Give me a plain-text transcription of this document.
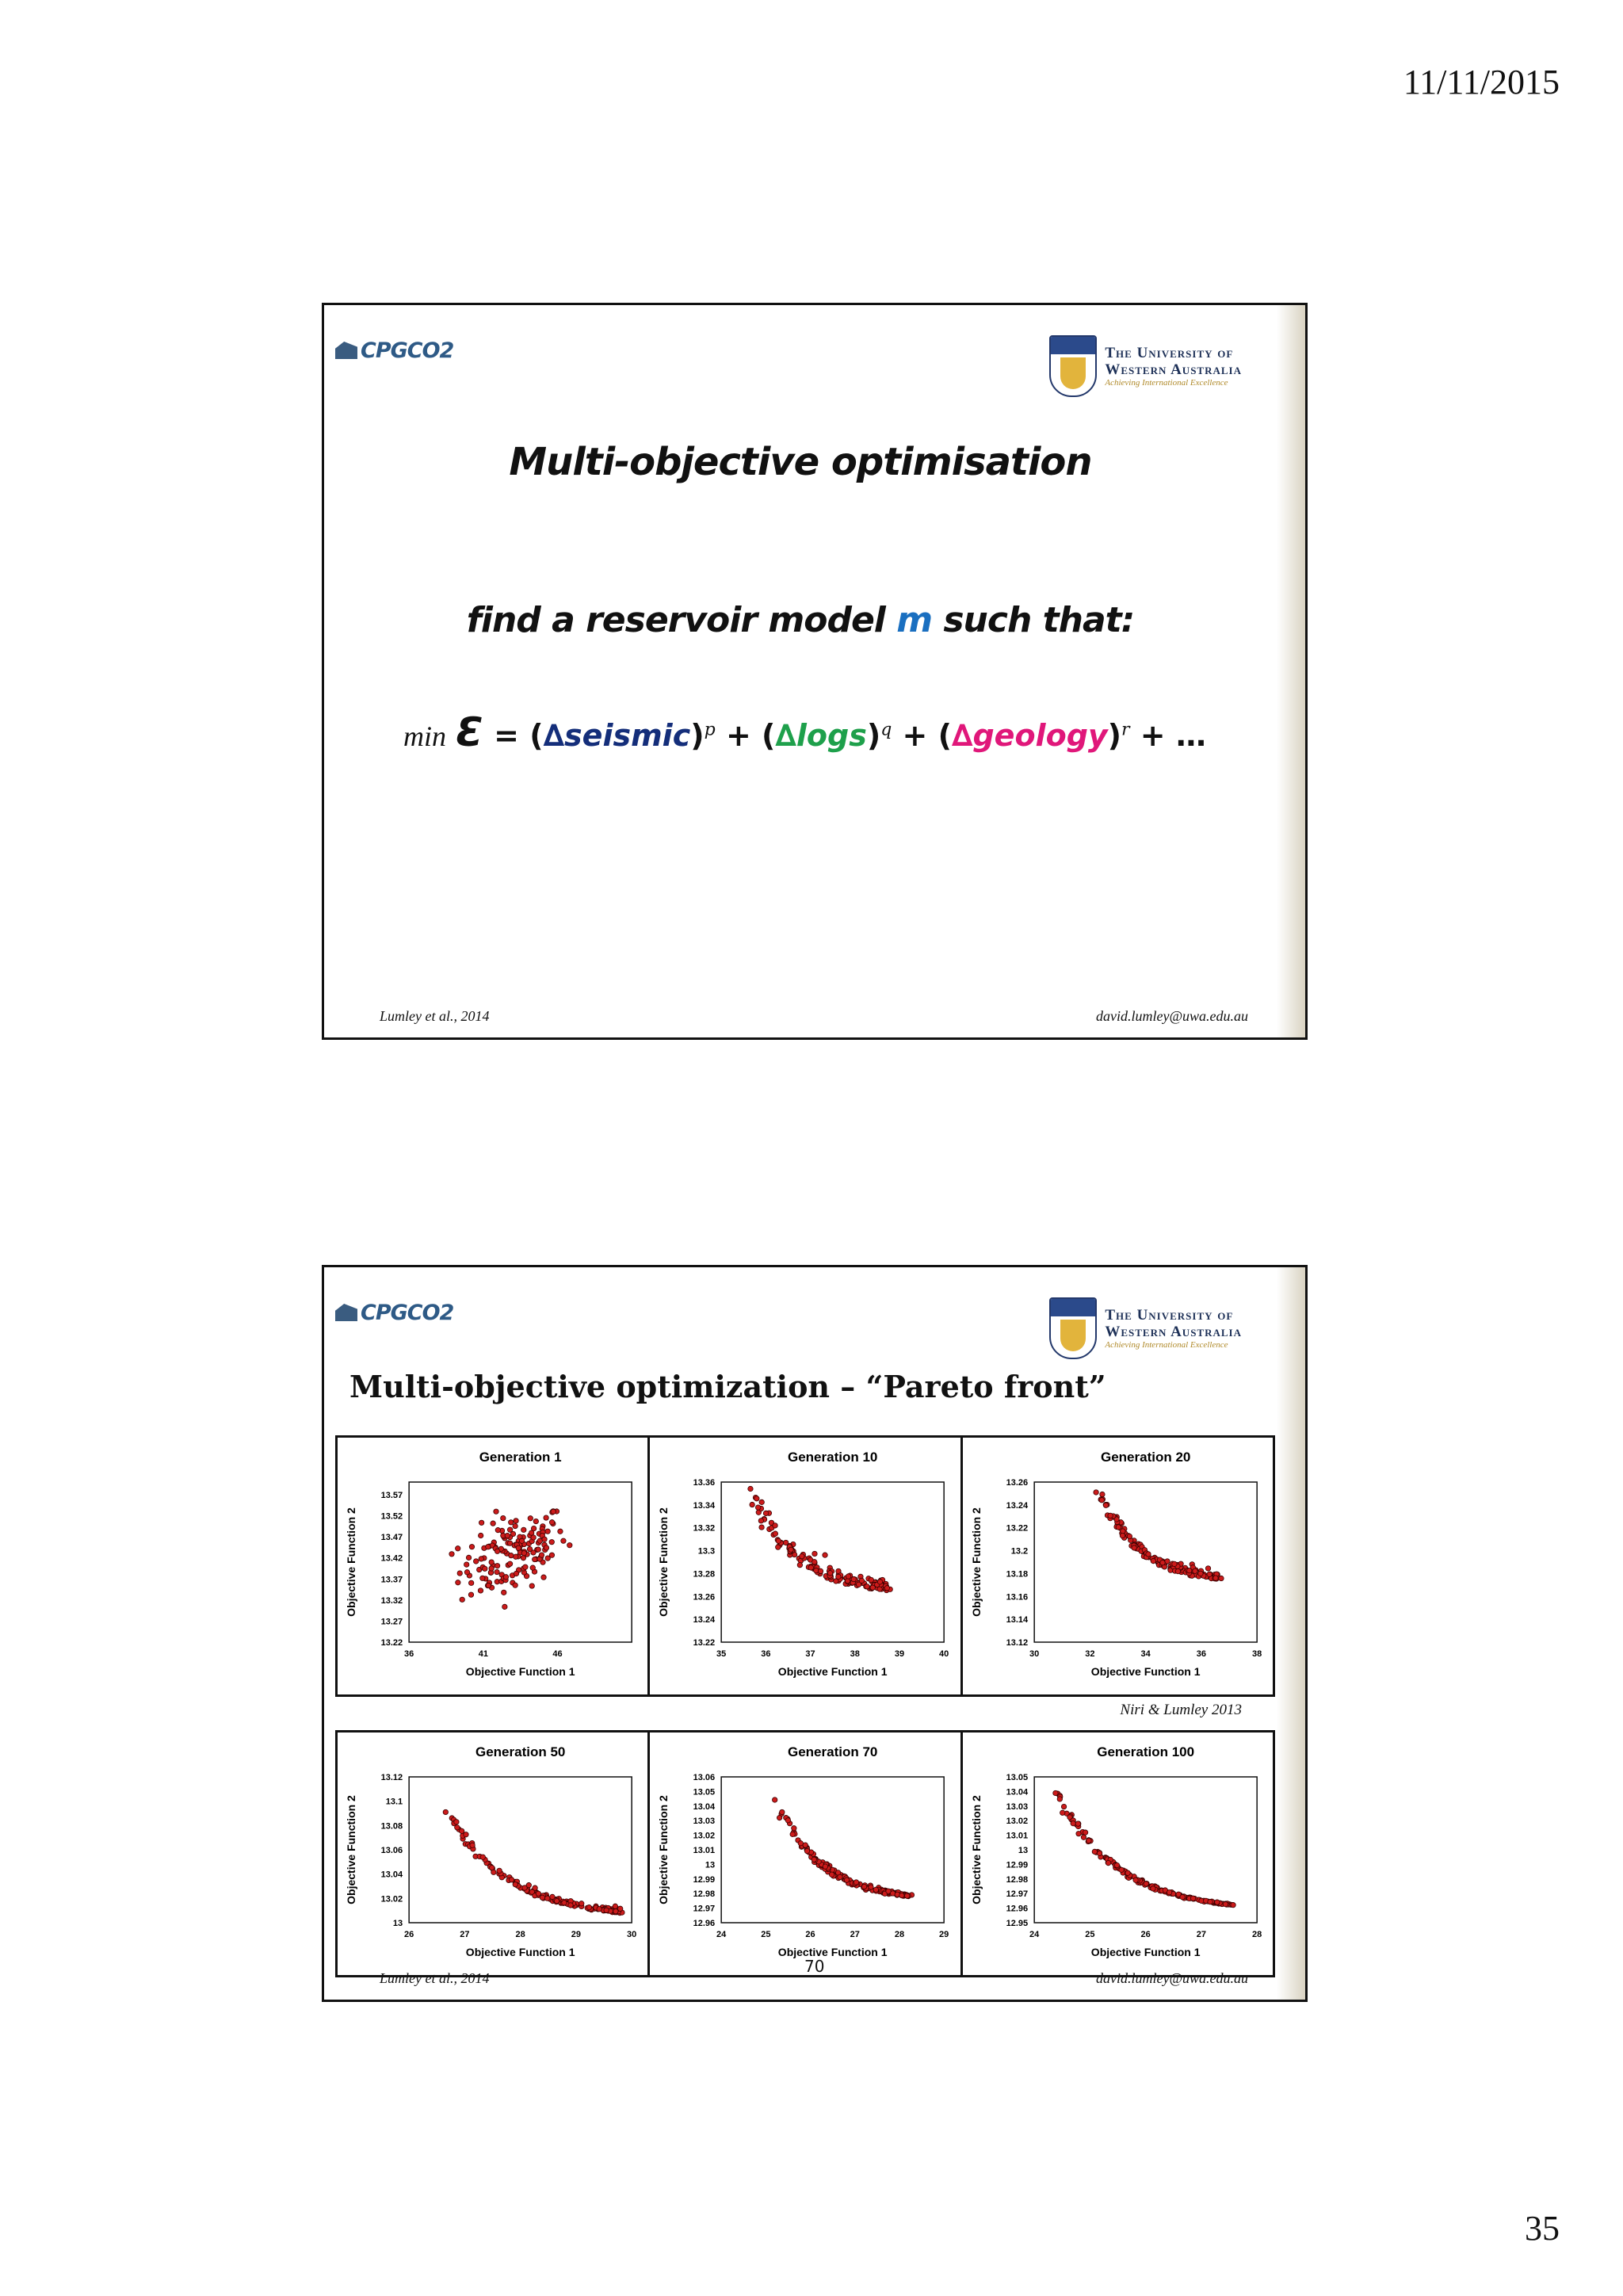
11/11/2015
CPGCO2	The University of
Western Australia
Achieving International Excellence
Multi-objective optimisation
find a reservoir model m such that:
min Ɛ = (∆seismic)$^p$ + $(\Delta\log s)^q + (\Delta geology)^r$ + …
Lumley et al., 2014	david.lumley@uwa.edu.au
CPGCO2	The University of
Western Australia
Achieving International Excellence
Multi-objective optimization – “Pareto front”
Generation 1
36	41	46
13.22
13.27
13.32
13.37
13.42
13.47
13.52
13.57
Objective Function 1
Objective Function 2
Generation 10
35	36	37	38	39	40
13.22
13.24
13.26
13.28
13.3
13.32
13.34
13.36
Objective Function 1
Objective Function 2
Generation 20
30	32	34	36	38
13.12
13.14
13.16
13.18
13.2
13.22
13.24
13.26
Objective Function 1
Objective Function 2
Niri & Lumley 2013
Generation 50
26	27	28	29	30
13
13.02
13.04
13.06
13.08
13.1
13.12
Objective Function 1
Objective Function 2
Generation 70
24	25	26	27	28	29
12.96
12.97
12.98
12.99
13
13.01
13.02
13.03
13.04
13.05
13.06
Objective Function 1
Objective Function 2
Generation 100
24	25	26	27	28
12.95
12.96
12.97
12.98
12.99
13
13.01
13.02
13.03
13.04
13.05
Objective Function 1
Objective Function 2
70
Lumley et al., 2014	david.lumley@uwa.edu.au
35
